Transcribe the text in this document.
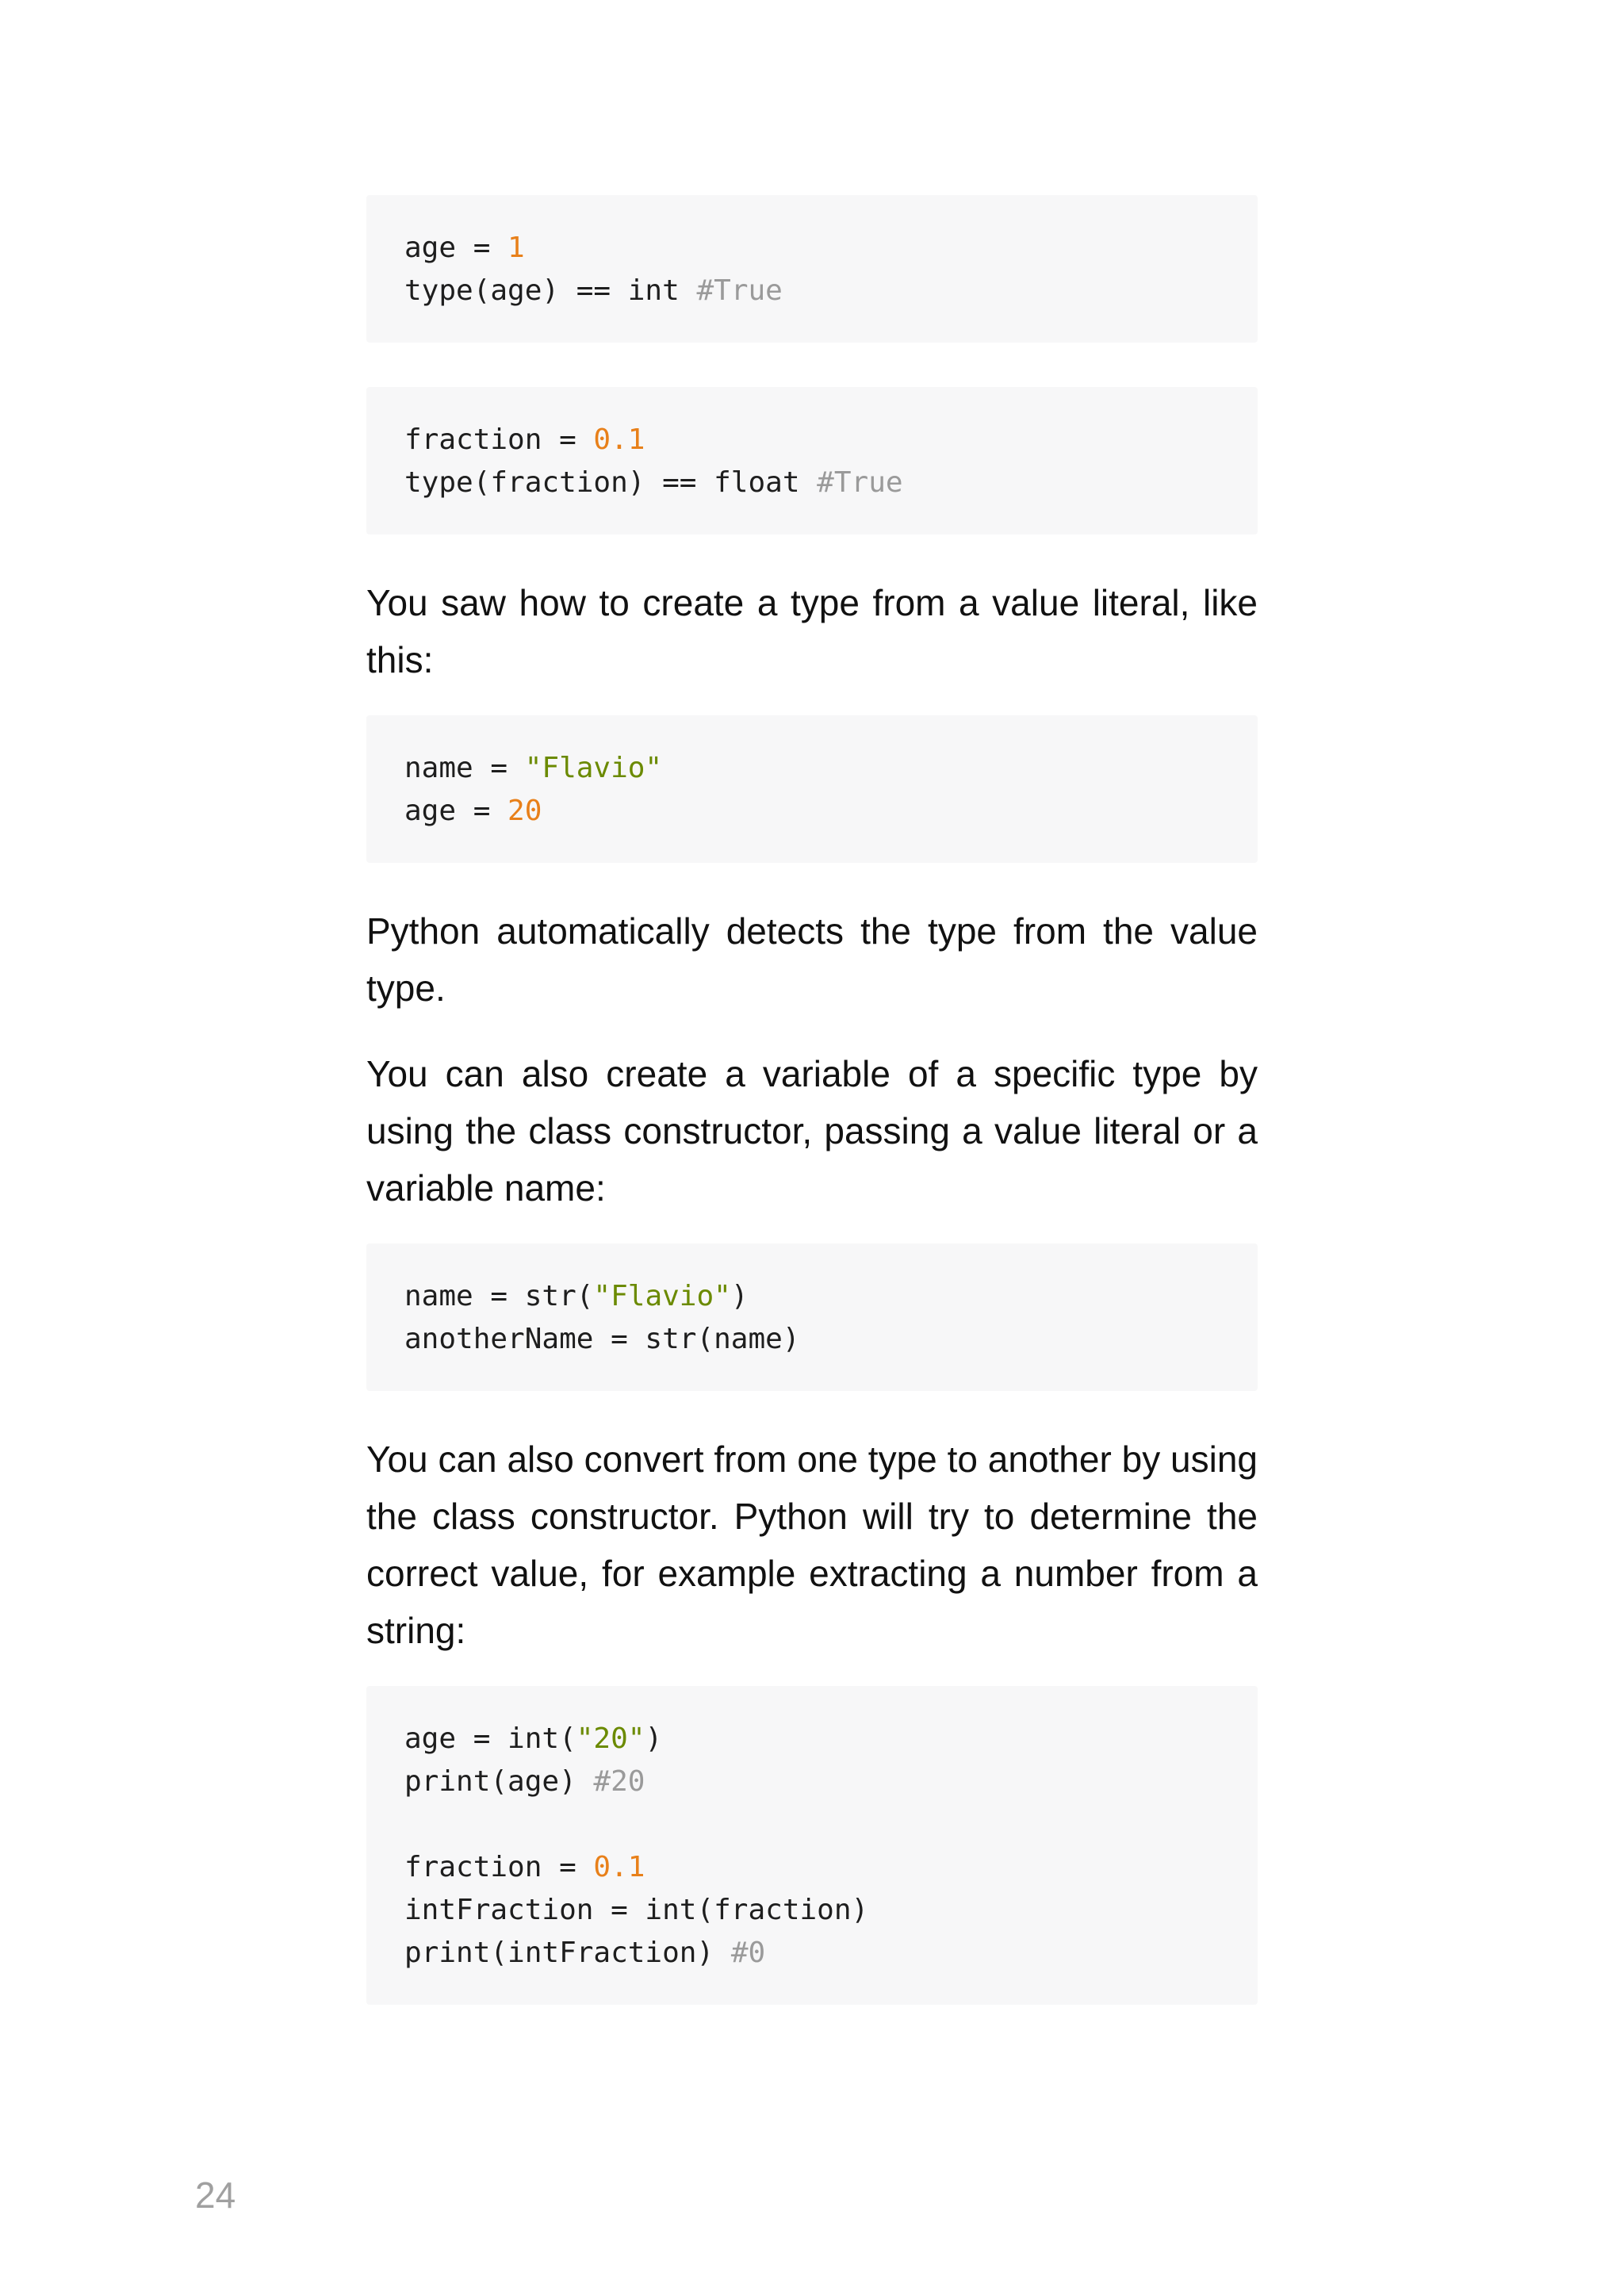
age = 1
type(age) == int #True
fraction = 0.1
type(fraction) == float #True

You saw how to create a type from a value literal, like this:

name = "Flavio"
age = 20

Python automatically detects the type from the value type.

You can also create a variable of a specific type by using the class constructor, passing a value literal or a variable name:

name = str("Flavio")
anotherName = str(name)

You can also convert from one type to another by using the class constructor. Python will try to determine the correct value, for example extracting a number from a string:

age = int("20")
print(age) #20
fraction = 0.1
intFraction = int(fraction)
print(intFraction) #0
24
